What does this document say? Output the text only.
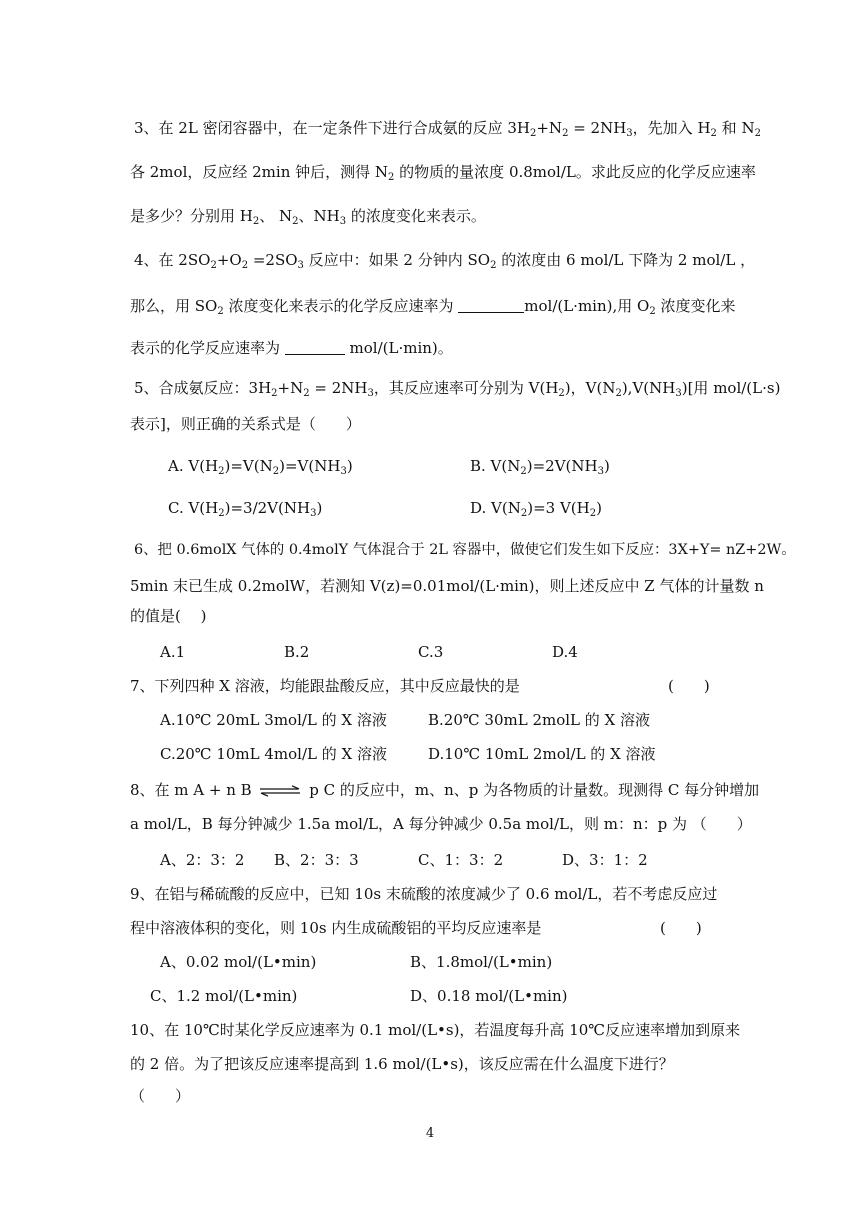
3、在 2L 密闭容器中，在一定条件下进行合成氨的反应 $3H_2+N_2 = 2NH_3$，先加入 $H_2$ 和 $N_2$
各 2mol，反应经 2min 钟后，测得 $N_2$ 的物质的量浓度 0.8mol/L。求此反应的化学反应速率
是多少？分别用 $H_2$、 $N_2$、$NH_3$ 的浓度变化来表示。
4、在 $2SO_2+O_2 =2SO_3$ 反应中：如果 2 分钟内 $SO_2$ 的浓度由 6 mol/L 下降为 2 mol/L ，
那么，用 $SO_2$ 浓度变化来表示的化学反应速率为	mol/(L·min),用 $O_2$ 浓度变化来
表示的化学反应速率为	mol/(L·min)。
5、合成氨反应：$3H_2+N_2 = 2NH_3$，其反应速率可分别为 $V(H_2)$，$V(N_2),V(NH_3)$[用 mol/(L·s)
表示]，则正确的关系式是（　　）
A. $V(H_2)=V(N_2)=V(NH_3)$	B. $V(N_2)=2V(NH_3)$
C. $V(H_2)=3/2V(NH_3)$	D. $V(N_2)=3$ $V(H_2)$
6、把 0.6molX 气体的 0.4molY 气体混合于 2L 容器中，做使它们发生如下反应：3X+Y= nZ+2W。
5min 末已生成 0.2molW，若测知 V(z)=0.01mol/(L·min)，则上述反应中 Z 气体的计量数 n
的值是(　 )
A.1	B.2	C.3	D.4
7、下列四种 X 溶液，均能跟盐酸反应，其中反应最快的是	(　　)
A.10℃ 20mL 3mol/L 的 X 溶液	B.20℃ 30mL 2molL 的 X 溶液
C.20℃ 10mL 4mol/L 的 X 溶液	D.10℃ 10mL 2mol/L 的 X 溶液
8、在 m A + n B ⇌ p C 的反应中，m、n、p 为各物质的计量数。现测得 C 每分钟增加
a mol/L，B 每分钟减少 1.5a mol/L，A 每分钟减少 0.5a mol/L，则 m：n：p 为 （　　）
A、2：3：2 B、2：3：3	C、1：3：2	D、3：1：2
9、在铝与稀硫酸的反应中，已知 10s 末硫酸的浓度减少了 0.6 mol/L，若不考虑反应过
程中溶液体积的变化，则 10s 内生成硫酸铝的平均反应速率是	(　　)
A、0.02 mol/(L•min)	B、1.8mol/(L•min)
C、1.2 mol/(L•min)	D、0.18 mol/(L•min)
10、在 10℃时某化学反应速率为 0.1 mol/(L•s)，若温度每升高 10℃反应速率增加到原来
的 2 倍。为了把该反应速率提高到 1.6 mol/(L•s)，该反应需在什么温度下进行？
（　　）
4
